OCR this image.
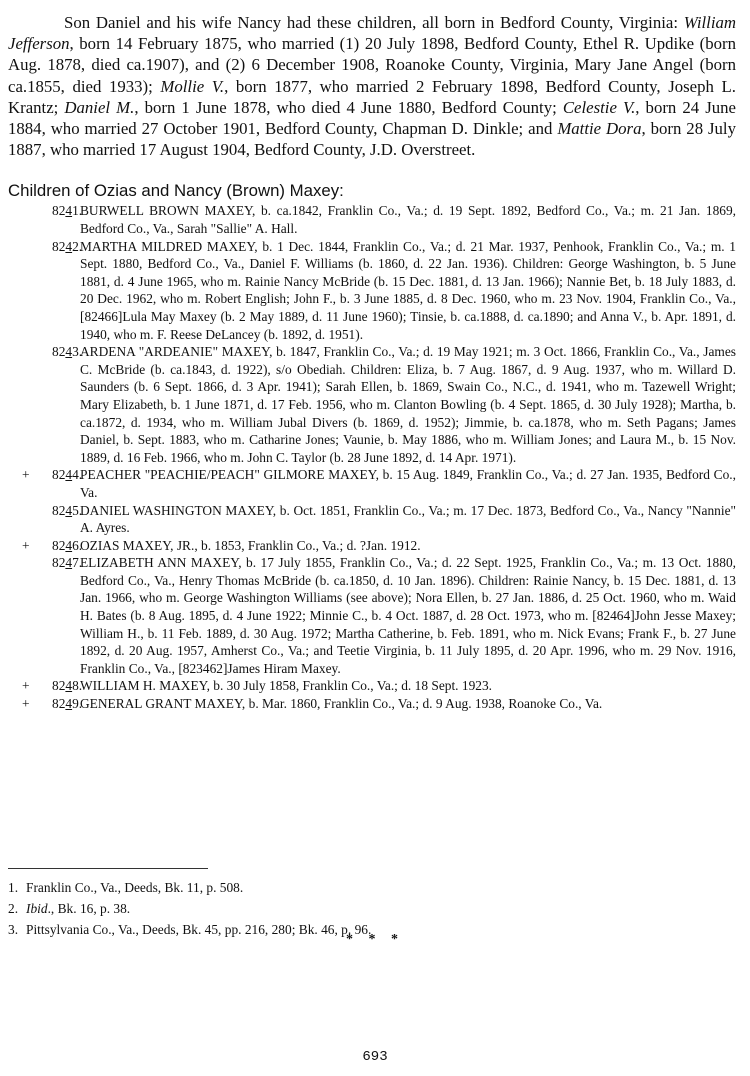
Son Daniel and his wife Nancy had these children, all born in Bedford County, Virginia: William Jefferson, born 14 February 1875, who married (1) 20 July 1898, Bedford County, Ethel R. Updike (born Aug. 1878, died ca.1907), and (2) 6 December 1908, Roanoke County, Virginia, Mary Jane Angel (born ca.1855, died 1933); Mollie V., born 1877, who married 2 February 1898, Bedford County, Joseph L. Krantz; Daniel M., born 1 June 1878, who died 4 June 1880, Bedford County; Celestie V., born 24 June 1884, who married 27 October 1901, Bedford County, Chapman D. Dinkle; and Mattie Dora, born 28 July 1887, who married 17 August 1904, Bedford County, J.D. Overstreet.

Children of Ozias and Nancy (Brown) Maxey:
8241.
BURWELL BROWN MAXEY, b. ca.1842, Franklin Co., Va.; d. 19 Sept. 1892, Bedford Co., Va.; m. 21 Jan. 1869, Bedford Co., Va., Sarah "Sallie" A. Hall.
8242.
MARTHA MILDRED MAXEY, b. 1 Dec. 1844, Franklin Co., Va.; d. 21 Mar. 1937, Penhook, Franklin Co., Va.; m. 1 Sept. 1880, Bedford Co., Va., Daniel F. Williams (b. 1860, d. 22 Jan. 1936). Children: George Washington, b. 5 June 1881, d. 4 June 1965, who m. Rainie Nancy McBride (b. 15 Dec. 1881, d. 13 Jan. 1966); Nannie Bet, b. 18 July 1883, d. 20 Dec. 1962, who m. Robert English; John F., b. 3 June 1885, d. 8 Dec. 1960, who m. 23 Nov. 1904, Franklin Co., Va., [82466]Lula May Maxey (b. 2 May 1889, d. 11 June 1960); Tinsie, b. ca.1888, d. ca.1890; and Anna V., b. Apr. 1891, d. 1940, who m. F. Reese DeLancey (b. 1892, d. 1951).
8243.
ARDENA "ARDEANIE" MAXEY, b. 1847, Franklin Co., Va.; d. 19 May 1921; m. 3 Oct. 1866, Franklin Co., Va., James C. McBride (b. ca.1843, d. 1922), s/o Obediah. Children: Eliza, b. 7 Aug. 1867, d. 9 Aug. 1937, who m. Willard D. Saunders (b. 6 Sept. 1866, d. 3 Apr. 1941); Sarah Ellen, b. 1869, Swain Co., N.C., d. 1941, who m. Tazewell Wright; Mary Elizabeth, b. 1 June 1871, d. 17 Feb. 1956, who m. Clanton Bowling (b. 4 Sept. 1865, d. 30 July 1928); Martha, b. ca.1872, d. 1934, who m. William Jubal Divers (b. 1869, d. 1952); Jimmie, b. ca.1878, who m. Seth Pagans; James Daniel, b. Sept. 1883, who m. Catharine Jones; Vaunie, b. May 1886, who m. William Jones; and Laura M., b. 15 Nov. 1889, d. 16 Feb. 1966, who m. John C. Taylor (b. 28 June 1892, d. 14 Apr. 1971).
+ 8244.
PEACHER "PEACHIE/PEACH" GILMORE MAXEY, b. 15 Aug. 1849, Franklin Co., Va.; d. 27 Jan. 1935, Bedford Co., Va.
8245.
DANIEL WASHINGTON MAXEY, b. Oct. 1851, Franklin Co., Va.; m. 17 Dec. 1873, Bedford Co., Va., Nancy "Nannie" A. Ayres.
+ 8246.
OZIAS MAXEY, JR., b. 1853, Franklin Co., Va.; d. ?Jan. 1912.
8247.
ELIZABETH ANN MAXEY, b. 17 July 1855, Franklin Co., Va.; d. 22 Sept. 1925, Franklin Co., Va.; m. 13 Oct. 1880, Bedford Co., Va., Henry Thomas McBride (b. ca.1850, d. 10 Jan. 1896). Children: Rainie Nancy, b. 15 Dec. 1881, d. 13 Jan. 1966, who m. George Washington Williams (see above); Nora Ellen, b. 27 Jan. 1886, d. 25 Oct. 1960, who m. Waid H. Bates (b. 8 Aug. 1895, d. 4 June 1922; Minnie C., b. 4 Oct. 1887, d. 28 Oct. 1973, who m. [82464]John Jesse Maxey; William H., b. 11 Feb. 1889, d. 30 Aug. 1972; Martha Catherine, b. Feb. 1891, who m. Nick Evans; Frank F., b. 27 June 1892, d. 20 Aug. 1957, Amherst Co., Va.; and Teetie Virginia, b. 11 July 1895, d. 20 Apr. 1996, who m. 29 Nov. 1916, Franklin Co., Va., [823462]James Hiram Maxey.
+ 8248.
WILLIAM H. MAXEY, b. 30 July 1858, Franklin Co., Va.; d. 18 Sept. 1923.
+ 8249.
GENERAL GRANT MAXEY, b. Mar. 1860, Franklin Co., Va.; d. 9 Aug. 1938, Roanoke Co., Va.
1. Franklin Co., Va., Deeds, Bk. 11, p. 508.
2. Ibid., Bk. 16, p. 38.
3. Pittsylvania Co., Va., Deeds, Bk. 45, pp. 216, 280; Bk. 46, p. 96.
* * *
693
